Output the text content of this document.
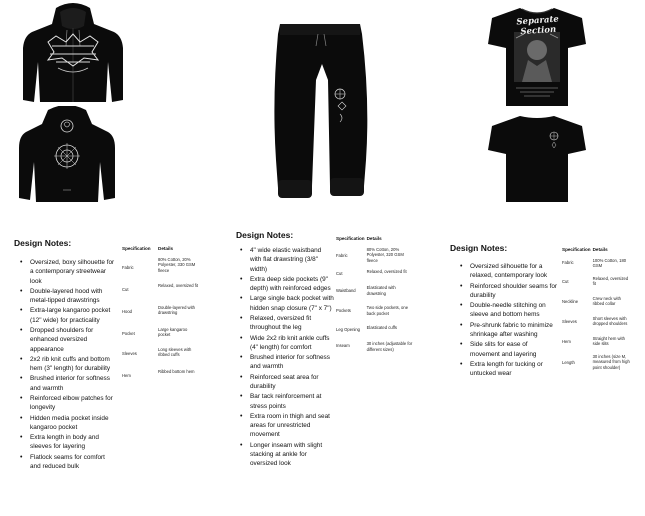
Separate Section
Design Notes:
• Oversized, boxy silhouette for a contemporary streetwear look
• Double-layered hood with metal-tipped drawstrings
• Extra-large kangaroo pocket (12" wide) for practicality
• Dropped shoulders for enhanced oversized appearance
• 2x2 rib knit cuffs and bottom hem (3" length) for durability
• Brushed interior for softness and warmth
• Reinforced elbow patches for longevity
• Hidden media pocket inside kangaroo pocket
• Extra length in body and sleeves for layering
• Flatlock seams for comfort and reduced bulk
Specification	Details
Fabric	80% Cotton, 20% Polyester, 330 GSM fleece
Cut	Relaxed, oversized fit
Hood	Double-layered with drawstring
Pocket	Large kangaroo pocket
Sleeves	Long sleeves with ribbed cuffs
Hem	Ribbed bottom hem
Design Notes:
• 4" wide elastic waistband with flat drawstring (3/8" width)
• Extra deep side pockets (9" depth) with reinforced edges
• Large single back pocket with hidden snap closure (7" x 7")
• Relaxed, oversized fit throughout the leg
• Wide 2x2 rib knit ankle cuffs (4" length) for comfort
• Brushed interior for softness and warmth
• Reinforced seat area for durability
• Bar tack reinforcement at stress points
• Extra room in thigh and seat areas for unrestricted movement
• Longer inseam with slight stacking at ankle for oversized look
Specification	Details
Fabric	80% Cotton, 20% Polyester, 320 GSM fleece
Cut	Relaxed, oversized fit
Waistband	Elasticated with drawstring
Pockets	Two side pockets, one back pocket
Leg Opening	Elasticated cuffs
Inseam	30 inches (adjustable for different sizes)
Design Notes:
• Oversized silhouette for a relaxed, contemporary look
• Reinforced shoulder seams for durability
• Double-needle stitching on sleeve and bottom hems
• Pre-shrunk fabric to minimize shrinkage after washing
• Side slits for ease of movement and layering
• Extra length for tucking or untucked wear
Specification	Details
Fabric	100% Cotton, 180 GSM
Cut	Relaxed, oversized fit
Neckline	Crew neck with ribbed collar
Sleeves	Short sleeves with dropped shoulders
Hem	Straight hem with side slits
Length	30 inches (size M, measured from high point shoulder)
